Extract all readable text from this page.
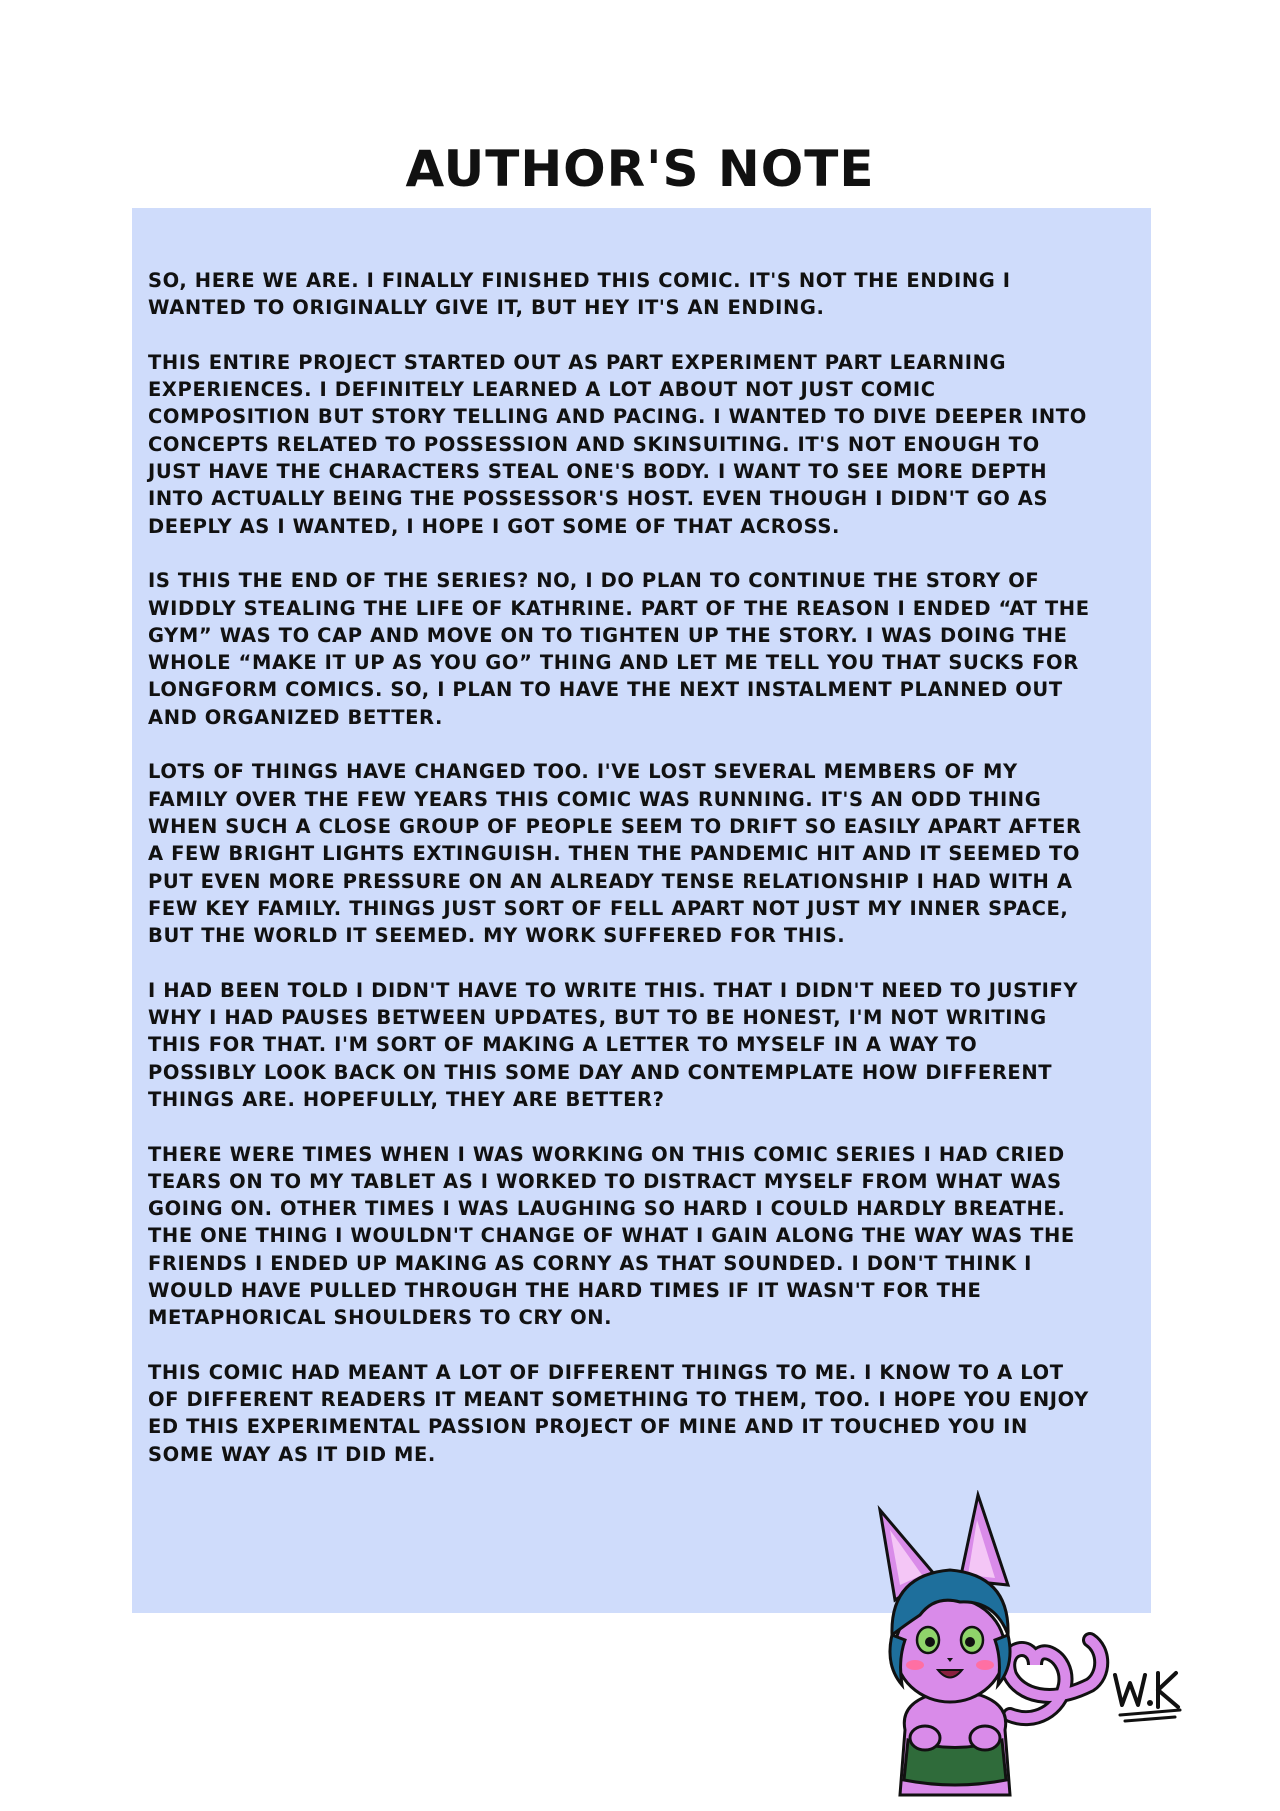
AUTHOR'S NOTE

SO, HERE WE ARE. I FINALLY FINISHED THIS COMIC. IT'S NOT THE ENDING I
WANTED TO ORIGINALLY GIVE IT, BUT HEY IT'S AN ENDING.

THIS ENTIRE PROJECT STARTED OUT AS PART EXPERIMENT PART LEARNING
EXPERIENCES. I DEFINITELY LEARNED A LOT ABOUT NOT JUST COMIC
COMPOSITION BUT STORY TELLING AND PACING. I WANTED TO DIVE DEEPER INTO
CONCEPTS RELATED TO POSSESSION AND SKINSUITING. IT'S NOT ENOUGH TO
JUST HAVE THE CHARACTERS STEAL ONE'S BODY. I WANT TO SEE MORE DEPTH
INTO ACTUALLY BEING THE POSSESSOR'S HOST. EVEN THOUGH I DIDN'T GO AS
DEEPLY AS I WANTED, I HOPE I GOT SOME OF THAT ACROSS.

IS THIS THE END OF THE SERIES? NO, I DO PLAN TO CONTINUE THE STORY OF
WIDDLY STEALING THE LIFE OF KATHRINE. PART OF THE REASON I ENDED “AT THE
GYM” WAS TO CAP AND MOVE ON TO TIGHTEN UP THE STORY. I WAS DOING THE
WHOLE “MAKE IT UP AS YOU GO” THING AND LET ME TELL YOU THAT SUCKS FOR
LONGFORM COMICS. SO, I PLAN TO HAVE THE NEXT INSTALMENT PLANNED OUT
AND ORGANIZED BETTER.

LOTS OF THINGS HAVE CHANGED TOO. I'VE LOST SEVERAL MEMBERS OF MY
FAMILY OVER THE FEW YEARS THIS COMIC WAS RUNNING. IT'S AN ODD THING
WHEN SUCH A CLOSE GROUP OF PEOPLE SEEM TO DRIFT SO EASILY APART AFTER
A FEW BRIGHT LIGHTS EXTINGUISH. THEN THE PANDEMIC HIT AND IT SEEMED TO
PUT EVEN MORE PRESSURE ON AN ALREADY TENSE RELATIONSHIP I HAD WITH A
FEW KEY FAMILY. THINGS JUST SORT OF FELL APART NOT JUST MY INNER SPACE,
BUT THE WORLD IT SEEMED. MY WORK SUFFERED FOR THIS.

I HAD BEEN TOLD I DIDN'T HAVE TO WRITE THIS. THAT I DIDN'T NEED TO JUSTIFY
WHY I HAD PAUSES BETWEEN UPDATES, BUT TO BE HONEST, I'M NOT WRITING
THIS FOR THAT. I'M SORT OF MAKING A LETTER TO MYSELF IN A WAY TO
POSSIBLY LOOK BACK ON THIS SOME DAY AND CONTEMPLATE HOW DIFFERENT
THINGS ARE. HOPEFULLY, THEY ARE BETTER?

THERE WERE TIMES WHEN I WAS WORKING ON THIS COMIC SERIES I HAD CRIED
TEARS ON TO MY TABLET AS I WORKED TO DISTRACT MYSELF FROM WHAT WAS
GOING ON. OTHER TIMES I WAS LAUGHING SO HARD I COULD HARDLY BREATHE.
THE ONE THING I WOULDN'T CHANGE OF WHAT I GAIN ALONG THE WAY WAS THE
FRIENDS I ENDED UP MAKING AS CORNY AS THAT SOUNDED. I DON'T THINK I
WOULD HAVE PULLED THROUGH THE HARD TIMES IF IT WASN'T FOR THE
METAPHORICAL SHOULDERS TO CRY ON.

THIS COMIC HAD MEANT A LOT OF DIFFERENT THINGS TO ME. I KNOW TO A LOT
OF DIFFERENT READERS IT MEANT SOMETHING TO THEM, TOO. I HOPE YOU ENJOY
ED THIS EXPERIMENTAL PASSION PROJECT OF MINE AND IT TOUCHED YOU IN
SOME WAY AS IT DID ME.
